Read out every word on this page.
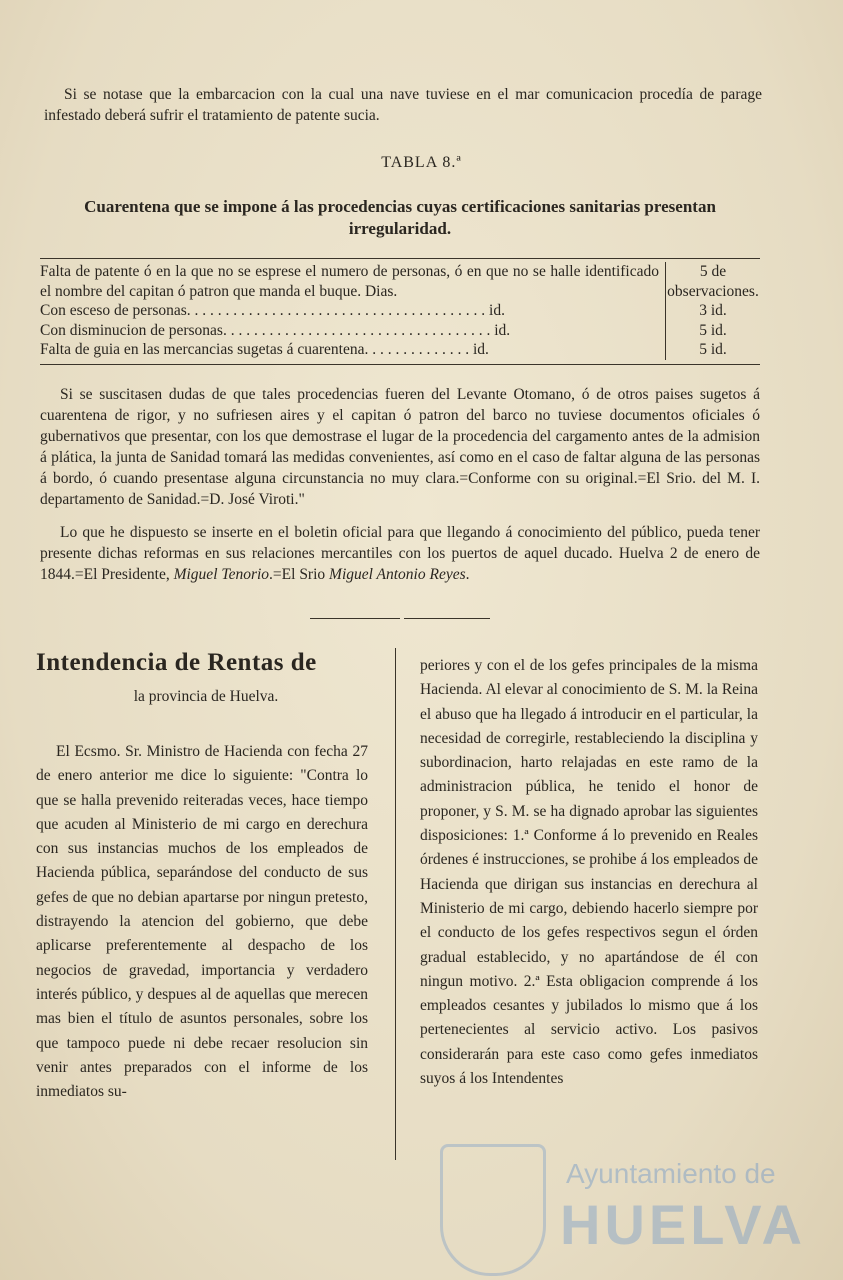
Si se notase que la embarcacion con la cual una nave tuviese en el mar comunicacion procedía de parage infestado deberá sufrir el tratamiento de patente sucia.

TABLA 8.ª
Cuarentena que se impone á las procedencias cuyas certificaciones sanitarias presentan irregularidad.
Falta de patente ó en la que no se esprese el numero de personas, ó en que no se halle identificado el nombre del capitan ó patron que manda el buque. Dias.	5 de observaciones.
Con esceso de personas. . . . . . . . . . . . . . . . . . . . . . . . . . . . . . . . . . . . . . . id.	3 id.
Con disminucion de personas. . . . . . . . . . . . . . . . . . . . . . . . . . . . . . . . . . . id.	5 id.
Falta de guia en las mercancias sugetas á cuarentena. . . . . . . . . . . . . . id.	5 id.

Si se suscitasen dudas de que tales procedencias fueren del Levante Otomano, ó de otros paises sugetos á cuarentena de rigor, y no sufriesen aires y el capitan ó patron del barco no tuviese documentos oficiales ó gubernativos que presentar, con los que demostrase el lugar de la procedencia del cargamento antes de la admision á plática, la junta de Sanidad tomará las medidas convenientes, así como en el caso de faltar alguna de las personas á bordo, ó cuando presentase alguna circunstancia no muy clara.=Conforme con su original.=El Srio. del M. I. departamento de Sanidad.=D. José Viroti."

Lo que he dispuesto se inserte en el boletin oficial para que llegando á conocimiento del público, pueda tener presente dichas reformas en sus relaciones mercantiles con los puertos de aquel ducado. Huelva 2 de enero de 1844.=El Presidente, Miguel Tenorio.=El Srio Miguel Antonio Reyes.

Intendencia de Rentas de
la provincia de Huelva.

El Ecsmo. Sr. Ministro de Hacienda con fecha 27 de enero anterior me dice lo siguiente: "Contra lo que se halla prevenido reiteradas veces, hace tiempo que acuden al Ministerio de mi cargo en derechura con sus instancias muchos de los empleados de Hacienda pública, separándose del conducto de sus gefes de que no debian apartarse por ningun pretesto, distrayendo la atencion del gobierno, que debe aplicarse preferentemente al despacho de los negocios de gravedad, importancia y verdadero interés público, y despues al de aquellas que merecen mas bien el título de asuntos personales, sobre los que tampoco puede ni debe recaer resolucion sin venir antes preparados con el informe de los inmediatos su-

periores y con el de los gefes principales de la misma Hacienda. Al elevar al conocimiento de S. M. la Reina el abuso que ha llegado á introducir en el particular, la necesidad de corregirle, restableciendo la disciplina y subordinacion, harto relajadas en este ramo de la administracion pública, he tenido el honor de proponer, y S. M. se ha dignado aprobar las siguientes disposiciones: 1.ª Conforme á lo prevenido en Reales órdenes é instrucciones, se prohibe á los empleados de Hacienda que dirigan sus instancias en derechura al Ministerio de mi cargo, debiendo hacerlo siempre por el conducto de los gefes respectivos segun el órden gradual establecido, y no apartándose de él con ningun motivo. 2.ª Esta obligacion comprende á los empleados cesantes y jubilados lo mismo que á los pertenecientes al servicio activo. Los pasivos considerarán para este caso como gefes inmediatos suyos á los Intendentes

Ayuntamiento de
HUELVA
